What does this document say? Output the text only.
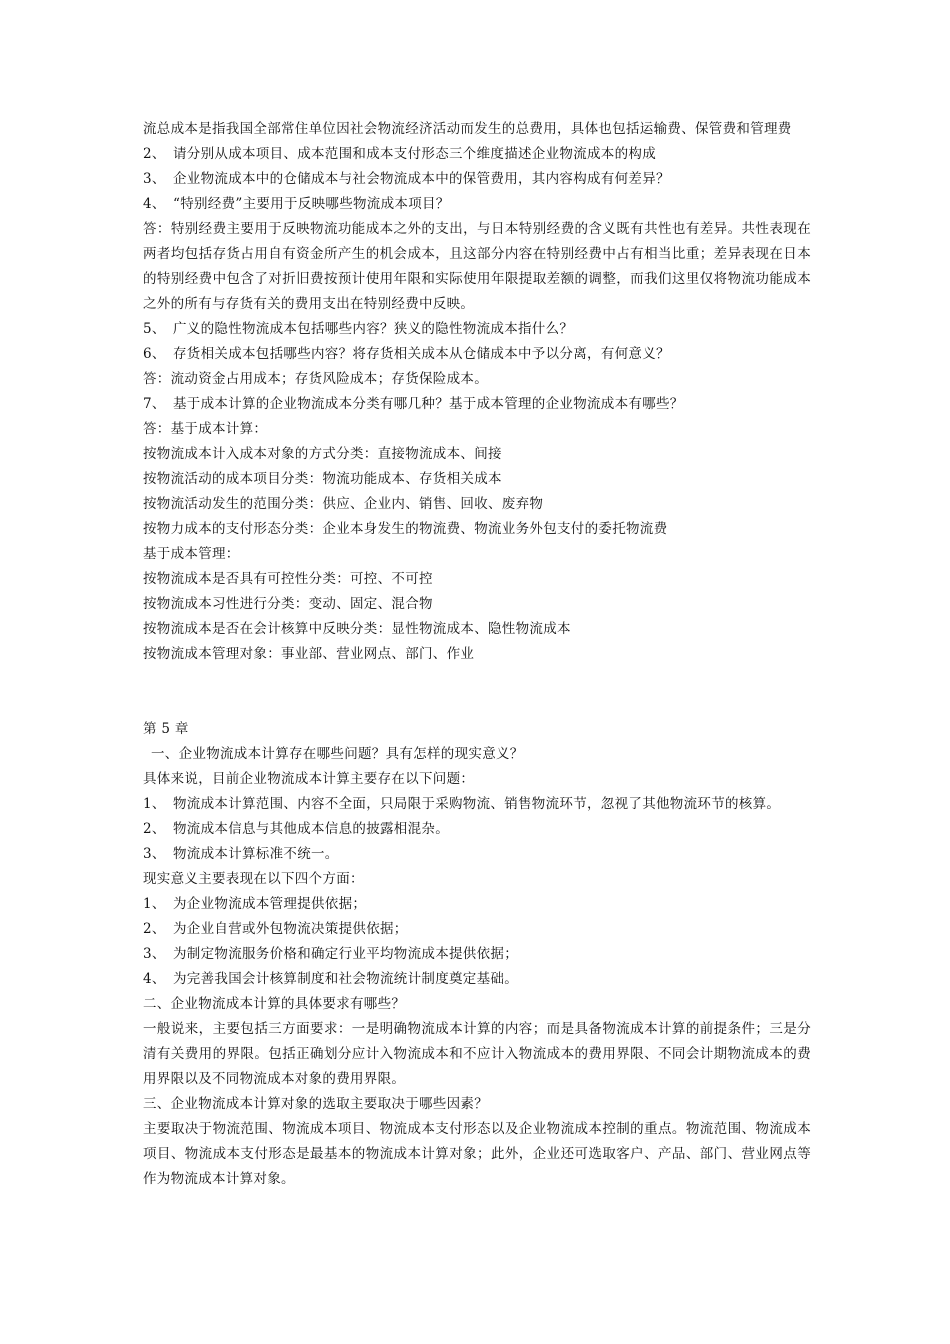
流总成本是指我国全部常住单位因社会物流经济活动而发生的总费用，具体也包括运输费、保管费和管理费

2、 请分别从成本项目、成本范围和成本支付形态三个维度描述企业物流成本的构成

3、 企业物流成本中的仓储成本与社会物流成本中的保管费用，其内容构成有何差异？

4、 “特别经费”主要用于反映哪些物流成本项目？

答：特别经费主要用于反映物流功能成本之外的支出，与日本特别经费的含义既有共性也有差异。共性表现在两者均包括存货占用自有资金所产生的机会成本，且这部分内容在特别经费中占有相当比重；差异表现在日本的特别经费中包含了对折旧费按预计使用年限和实际使用年限提取差额的调整，而我们这里仅将物流功能成本之外的所有与存货有关的费用支出在特别经费中反映。

5、 广义的隐性物流成本包括哪些内容？狭义的隐性物流成本指什么？

6、 存货相关成本包括哪些内容？将存货相关成本从仓储成本中予以分离，有何意义？

答：流动资金占用成本；存货风险成本；存货保险成本。

7、 基于成本计算的企业物流成本分类有哪几种？基于成本管理的企业物流成本有哪些？

答：基于成本计算：

按物流成本计入成本对象的方式分类：直接物流成本、间接

按物流活动的成本项目分类：物流功能成本、存货相关成本

按物流活动发生的范围分类：供应、企业内、销售、回收、废弃物

按物力成本的支付形态分类：企业本身发生的物流费、物流业务外包支付的委托物流费

基于成本管理：

按物流成本是否具有可控性分类：可控、不可控

按物流成本习性进行分类：变动、固定、混合物

按物流成本是否在会计核算中反映分类：显性物流成本、隐性物流成本

按物流成本管理对象：事业部、营业网点、部门、作业

第 5 章

一、企业物流成本计算存在哪些问题？具有怎样的现实意义？

具体来说，目前企业物流成本计算主要存在以下问题：

1、 物流成本计算范围、内容不全面，只局限于采购物流、销售物流环节，忽视了其他物流环节的核算。

2、 物流成本信息与其他成本信息的披露相混杂。

3、 物流成本计算标准不统一。

现实意义主要表现在以下四个方面：

1、 为企业物流成本管理提供依据；

2、 为企业自营或外包物流决策提供依据；

3、 为制定物流服务价格和确定行业平均物流成本提供依据；

4、 为完善我国会计核算制度和社会物流统计制度奠定基础。

二、企业物流成本计算的具体要求有哪些？

一般说来，主要包括三方面要求：一是明确物流成本计算的内容；而是具备物流成本计算的前提条件；三是分清有关费用的界限。包括正确划分应计入物流成本和不应计入物流成本的费用界限、不同会计期物流成本的费用界限以及不同物流成本对象的费用界限。

三、企业物流成本计算对象的选取主要取决于哪些因素？

主要取决于物流范围、物流成本项目、物流成本支付形态以及企业物流成本控制的重点。物流范围、物流成本项目、物流成本支付形态是最基本的物流成本计算对象；此外，企业还可选取客户、产品、部门、营业网点等作为物流成本计算对象。
